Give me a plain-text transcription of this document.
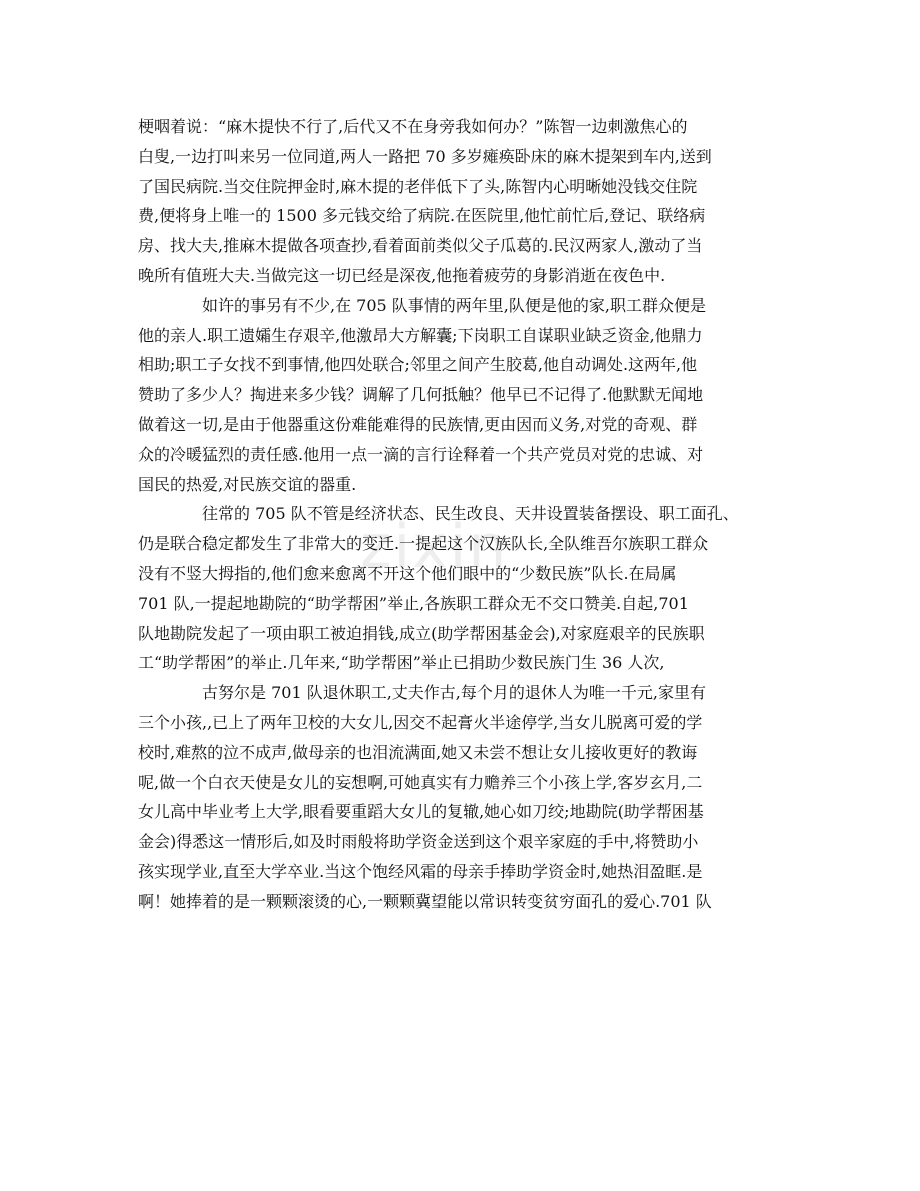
zixin
梗咽着说：“麻木提快不行了,后代又不在身旁我如何办？”陈智一边刺激焦心的
白叟,一边打叫来另一位同道,两人一路把 70 多岁瘫痪卧床的麻木提架到车内,送到
了国民病院.当交住院押金时,麻木提的老伴低下了头,陈智内心明晰她没钱交住院
费,便将身上唯一的 1500 多元钱交给了病院.在医院里,他忙前忙后,登记、联络病
房、找大夫,推麻木提做各项查抄,看着面前类似父子瓜葛的.民汉两家人,激动了当
晚所有值班大夫.当做完这一切已经是深夜,他拖着疲劳的身影消逝在夜色中.
如许的事另有不少,在 705 队事情的两年里,队便是他的家,职工群众便是
他的亲人.职工遗孀生存艰辛,他激昂大方解囊;下岗职工自谋职业缺乏资金,他鼎力
相助;职工子女找不到事情,他四处联合;邻里之间产生胶葛,他自动调处.这两年,他
赞助了多少人？掏进来多少钱？调解了几何抵触？他早已不记得了.他默默无闻地
做着这一切,是由于他器重这份难能难得的民族情,更由因而义务,对党的奇观、群
众的冷暖猛烈的责任感.他用一点一滴的言行诠释着一个共产党员对党的忠诚、对
国民的热爱,对民族交谊的器重.
往常的 705 队不管是经济状态、民生改良、天井设置装备摆设、职工面孔、
仍是联合稳定都发生了非常大的变迁.一提起这个汉族队长,全队维吾尔族职工群众
没有不竖大拇指的,他们愈来愈离不开这个他们眼中的“少数民族”队长.在局属
701 队,一提起地勘院的“助学帮困”举止,各族职工群众无不交口赞美.自起,701
队地勘院发起了一项由职工被迫捐钱,成立(助学帮困基金会),对家庭艰辛的民族职
工“助学帮困”的举止.几年来,“助学帮困”举止已捐助少数民族门生 36 人次,
古努尔是 701 队退休职工,丈夫作古,每个月的退休人为唯一千元,家里有
三个小孩,,已上了两年卫校的大女儿,因交不起膏火半途停学,当女儿脱离可爱的学
校时,难熬的泣不成声,做母亲的也泪流满面,她又未尝不想让女儿接收更好的教诲
呢,做一个白衣天使是女儿的妄想啊,可她真实有力赡养三个小孩上学,客岁玄月,二
女儿高中毕业考上大学,眼看要重蹈大女儿的复辙,她心如刀绞;地勘院(助学帮困基
金会)得悉这一情形后,如及时雨般将助学资金送到这个艰辛家庭的手中,将赞助小
孩实现学业,直至大学卒业.当这个饱经风霜的母亲手捧助学资金时,她热泪盈眶.是
啊！她捧着的是一颗颗滚烫的心,一颗颗冀望能以常识转变贫穷面孔的爱心.701 队
